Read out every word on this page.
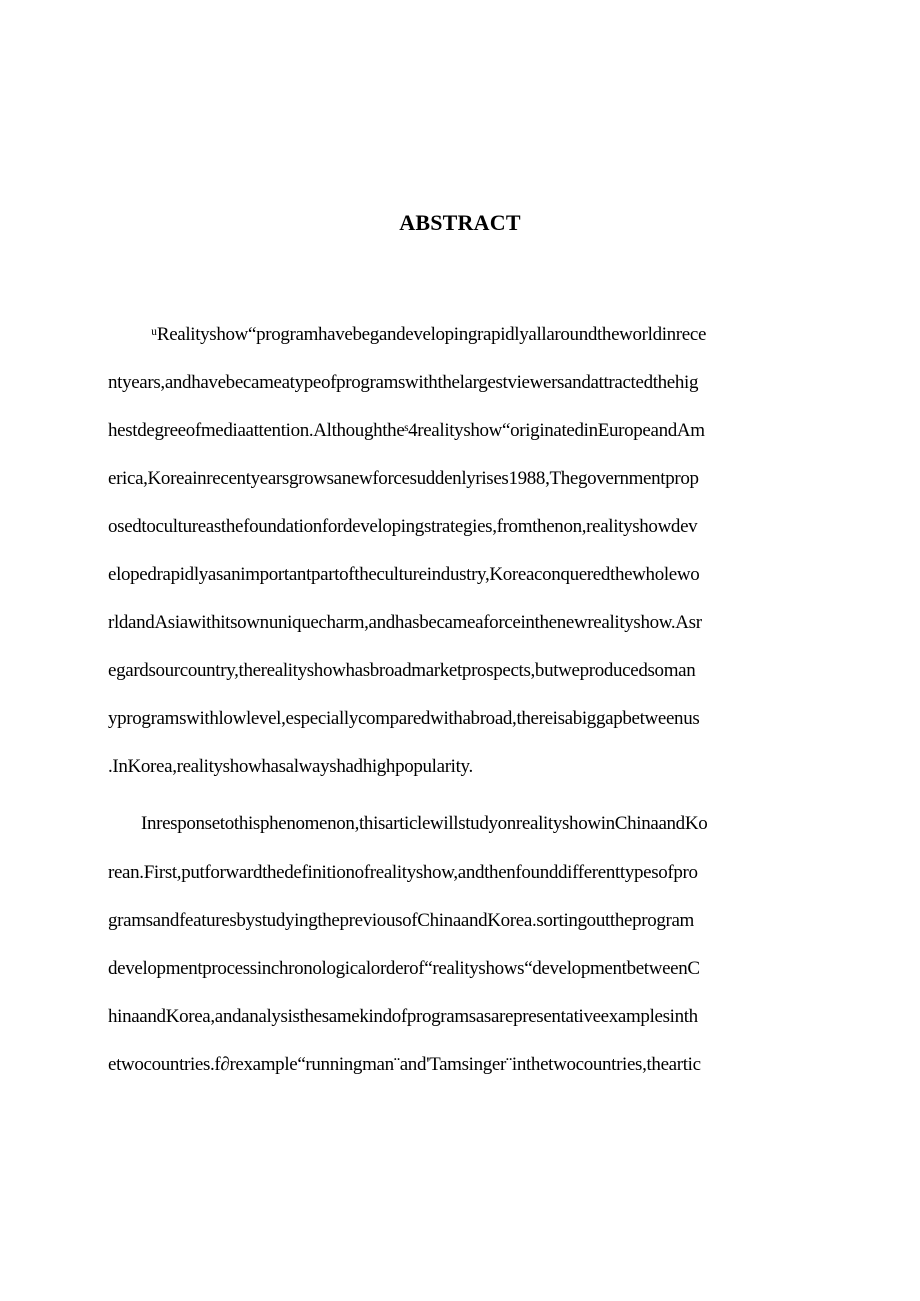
ABSTRACT
ᵘRealityshow“programhavebegandevelopingrapidlyallaroundtheworldinrece
ntyears,andhavebecameatypeofprogramswiththelargestviewersandattractedthehig
hestdegreeofmediaattention.Althoughtheˢ4realityshow“originatedinEuropeandAm
erica,Koreainrecentyearsgrowsanewforcesuddenlyrises1988,Thegovernmentprop
osedtocultureasthefoundationfordevelopingstrategies,fromthenon,realityshowdev
elopedrapidlyasanimportantpartofthecultureindustry,Koreaconqueredthewholewo
rldandAsiawithitsownuniquecharm,andhasbecameaforceinthenewrealityshow.Asr
egardsourcountry,therealityshowhasbroadmarketprospects,butweproducedsoman
yprogramswithlowlevel,especiallycomparedwithabroad,thereisabiggapbetweenus
.InKorea,realityshowhasalwayshadhighpopularity.
Inresponsetothisphenomenon,thisarticlewillstudyonrealityshowinChinaandKo
rean.First,putforwardthedefinitionofrealityshow,andthenfounddifferenttypesofpro
gramsandfeaturesbystudyingthepreviousofChinaandKorea.sortingouttheprogram
developmentprocessinchronologicalorderof“realityshows“developmentbetweenC
hinaandKorea,andanalysisthesamekindofprogramsasarepresentativeexamplesinth
etwocountries.f∂rexample“runningman¨and'Tamsinger¨inthetwocountries,theartic
